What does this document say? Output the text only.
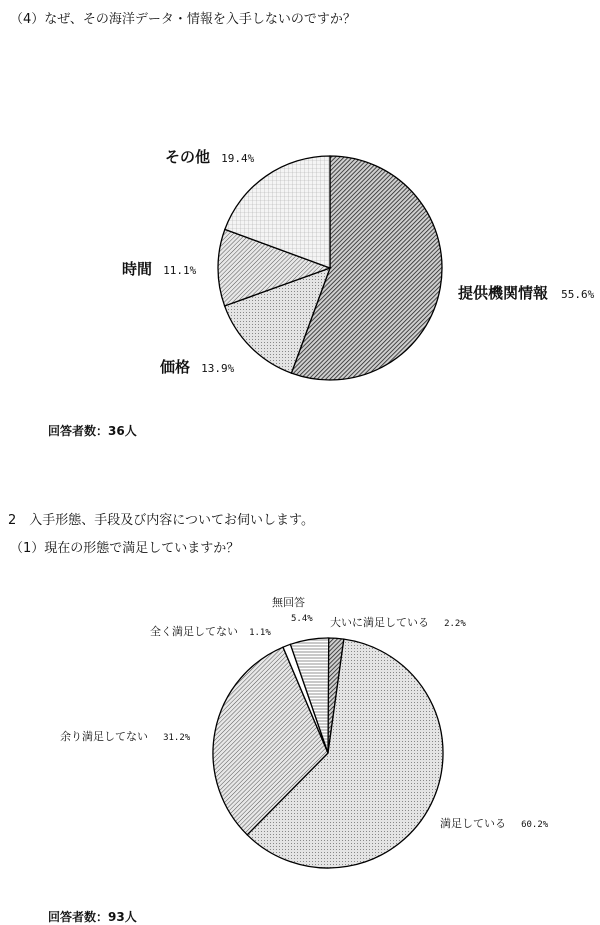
（4）なぜ、その海洋データ・情報を入手しないのですか？
その他 19.4%
時間 11.1%
提供機関情報 55.6%
価格 13.9%
回答者数：36人
2　入手形態、手段及び内容についてお伺いします。
（1）現在の形態で満足していますか？
無回答
5.4% 大いに満足している 2.2%
全く満足してない 1.1%
余り満足してない 31.2%
満足している 60.2%
回答者数：93人
